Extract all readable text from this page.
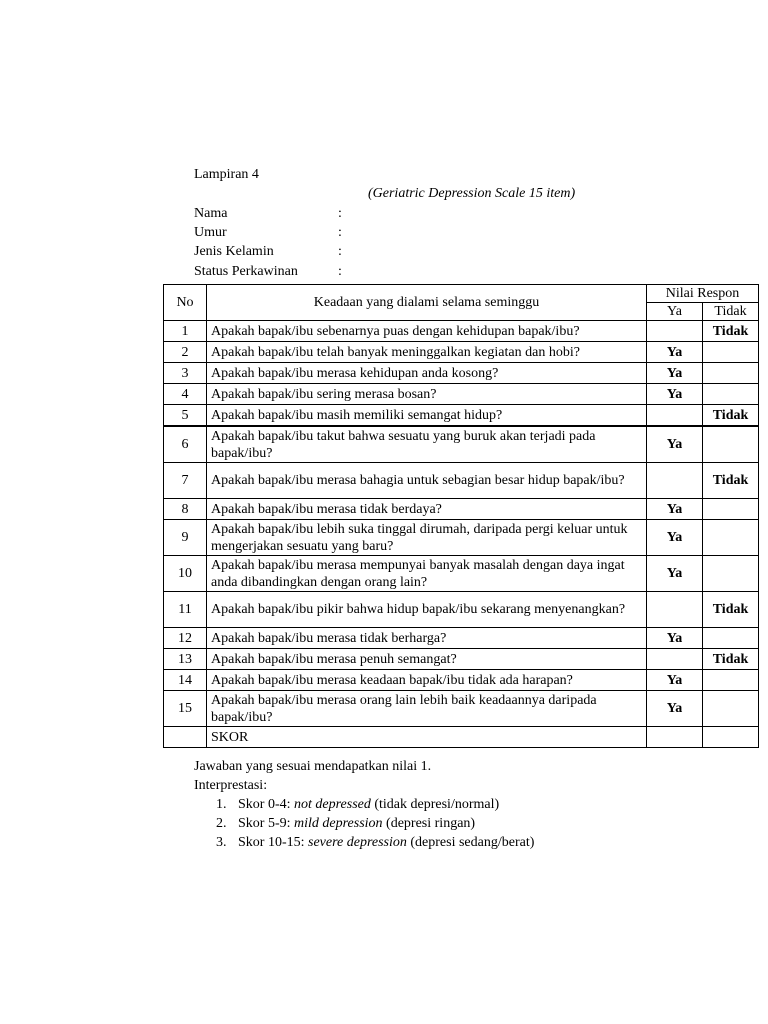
Lampiran 4
(Geriatric Depression Scale 15 item)
Nama	:
Umur	:
Jenis Kelamin	:
Status Perkawinan	:
No	Keadaan yang dialami selama seminggu	Nilai Respon	
		Ya	Tidak
1	Apakah bapak/ibu sebenarnya puas dengan kehidupan bapak/ibu?		Tidak
2	Apakah bapak/ibu telah banyak meninggalkan kegiatan dan hobi?	Ya	
3	Apakah bapak/ibu merasa kehidupan anda kosong?	Ya	
4	Apakah bapak/ibu sering merasa bosan?	Ya	
5	Apakah bapak/ibu masih memiliki semangat hidup?		Tidak
6	Apakah bapak/ibu takut bahwa sesuatu yang buruk akan terjadi pada bapak/ibu?	Ya	
7	Apakah bapak/ibu merasa bahagia untuk sebagian besar hidup bapak/ibu?		Tidak
8	Apakah bapak/ibu merasa tidak berdaya?	Ya	
9	Apakah bapak/ibu lebih suka tinggal dirumah, daripada pergi keluar untuk mengerjakan sesuatu yang baru?	Ya	
10	Apakah bapak/ibu merasa mempunyai banyak masalah dengan daya ingat anda dibandingkan dengan orang lain?	Ya	
11	Apakah bapak/ibu pikir bahwa hidup bapak/ibu sekarang menyenangkan?		Tidak
12	Apakah bapak/ibu merasa tidak berharga?	Ya	
13	Apakah bapak/ibu merasa penuh semangat?		Tidak
14	Apakah bapak/ibu merasa keadaan bapak/ibu tidak ada harapan?	Ya	
15	Apakah bapak/ibu merasa orang lain lebih baik keadaannya daripada bapak/ibu?	Ya	
	SKOR		
Jawaban yang sesuai mendapatkan nilai 1.
Interprestasi:
1. Skor 0-4: not depressed (tidak depresi/normal)
2. Skor 5-9: mild depression (depresi ringan)
3. Skor 10-15: severe depression (depresi sedang/berat)
